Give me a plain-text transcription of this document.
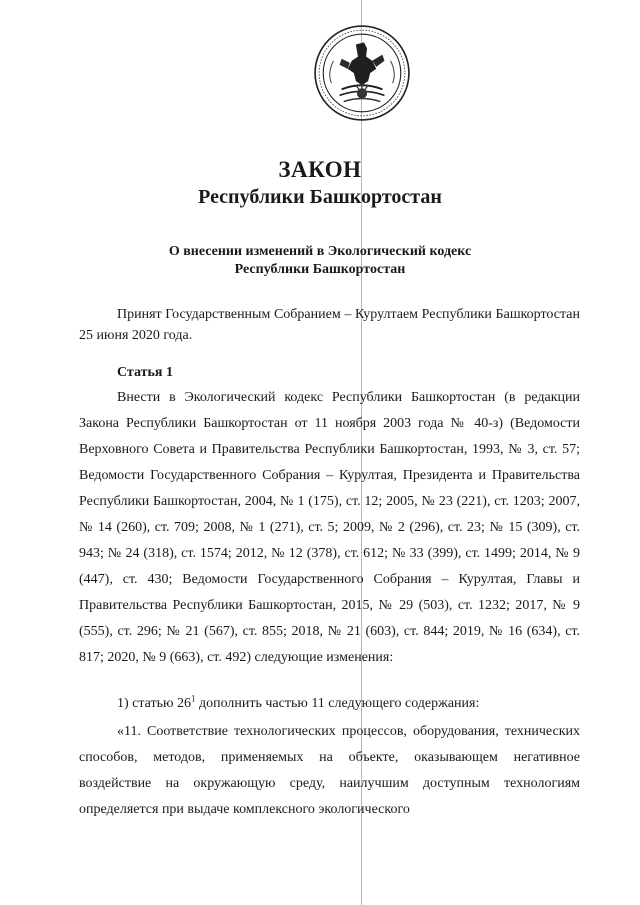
ЗАКОН
Республики Башкортостан

О внесении изменений в Экологический кодекс

Республики Башкортостан

Принят Государственным Собранием – Курултаем Республики Башкортостан 25 июня 2020 года.

Статья 1

Внести в Экологический кодекс Республики Башкортостан (в редакции Закона Республики Башкортостан от 11 ноября 2003 года № 40-з) (Ведомости Верховного Совета и Правительства Республики Башкортостан, 1993, № 3, ст. 57; Ведомости Государственного Собрания – Курултая, Президента и Правительства Республики Башкортостан, 2004, № 1 (175), ст. 12; 2005, № 23 (221), ст. 1203; 2007, № 14 (260), ст. 709; 2008, № 1 (271), ст. 5; 2009, № 2 (296), ст. 23; № 15 (309), ст. 943; № 24 (318), ст. 1574; 2012, № 12 (378), ст. 612; № 33 (399), ст. 1499; 2014, № 9 (447), ст. 430; Ведомости Государственного Собрания – Курултая, Главы и Правительства Республики Башкортостан, 2015, № 29 (503), ст. 1232; 2017, № 9 (555), ст. 296; № 21 (567), ст. 855; 2018, № 21 (603), ст. 844; 2019, № 16 (634), ст. 817; 2020, № 9 (663), ст. 492) следующие изменения:

1) статью $26^1$ дополнить частью 11 следующего содержания:

«11. Соответствие технологических процессов, оборудования, технических способов, методов, применяемых на объекте, оказывающем негативное воздействие на окружающую среду, наилучшим доступным технологиям определяется при выдаче комплексного экологического
